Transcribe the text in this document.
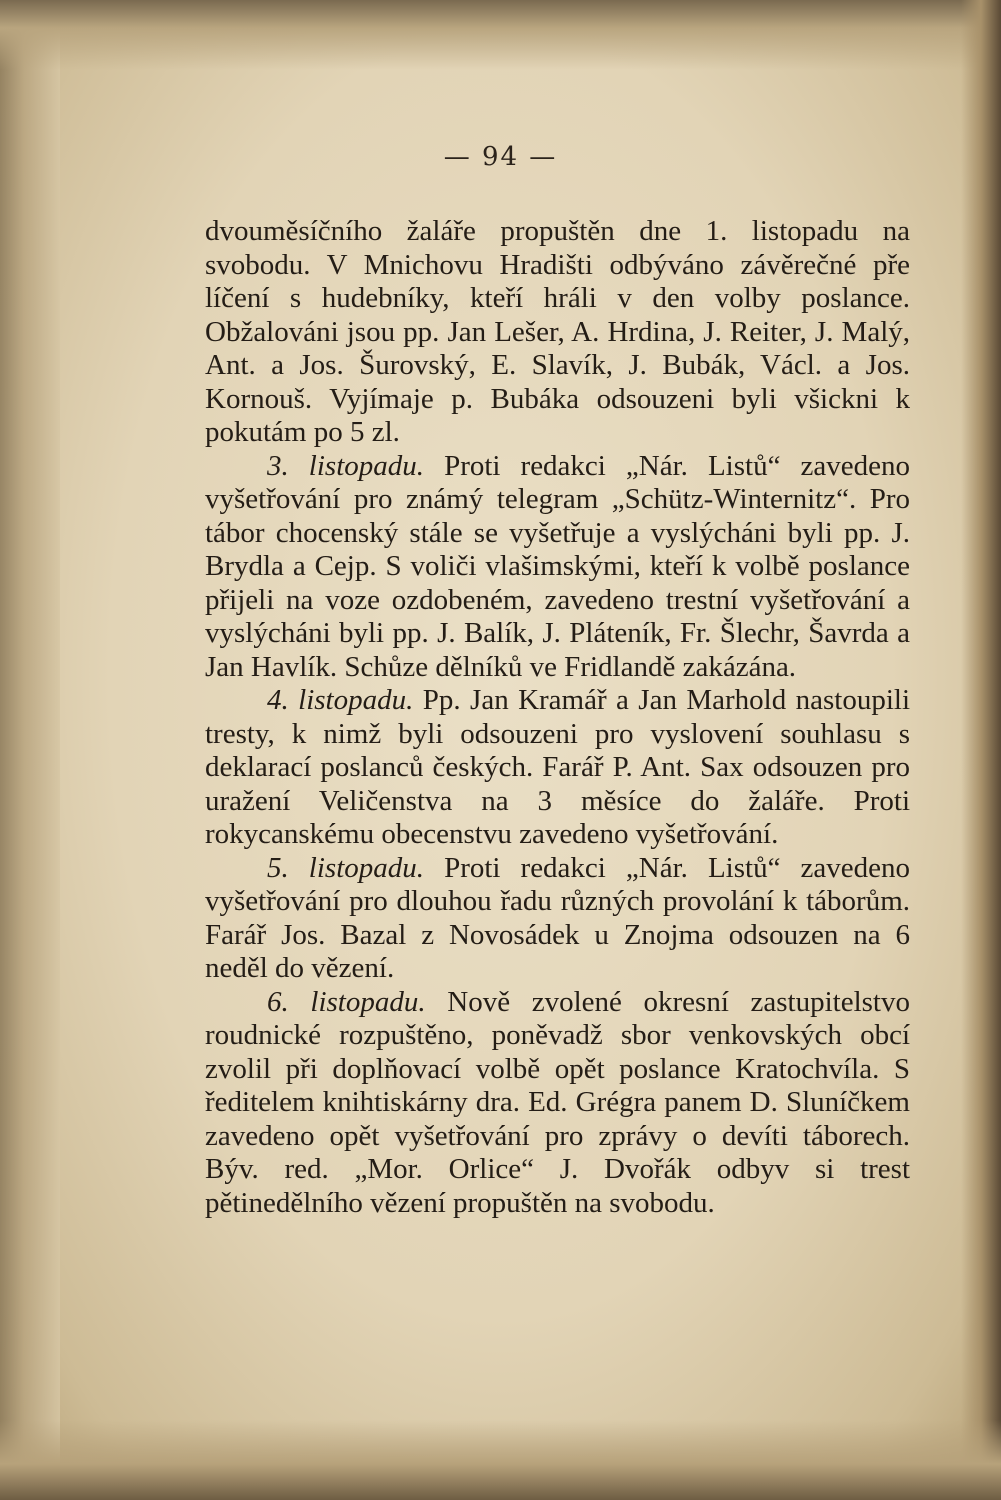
— 94 —

dvouměsíčního žaláře propuštěn dne 1. listopadu na svobodu. V Mnichovu Hradišti odbýváno závěrečné pře líčení s hudebníky, kteří hráli v den volby poslance. Obžalováni jsou pp. Jan Lešer, A. Hrdina, J. Reiter, J. Malý, Ant. a Jos. Šurovský, E. Slavík, J. Bubák, Václ. a Jos. Kornouš. Vyjímaje p. Bubáka odsouzeni byli všickni k pokutám po 5 zl.

3. listopadu. Proti redakci „Nár. Listů“ zavedeno vyšetřování pro známý telegram „Schütz-Winternitz“. Pro tábor chocenský stále se vyšetřuje a vyslýcháni byli pp. J. Brydla a Cejp. S voliči vlašimskými, kteří k volbě poslance přijeli na voze ozdobeném, zavedeno trestní vyšetřování a vyslýcháni byli pp. J. Balík, J. Pláteník, Fr. Šlechr, Šavrda a Jan Havlík. Schůze dělníků ve Fridlandě zakázána.

4. listopadu. Pp. Jan Kramář a Jan Marhold nastoupili tresty, k nimž byli odsouzeni pro vyslovení souhlasu s deklarací poslanců českých. Farář P. Ant. Sax odsouzen pro uražení Veličenstva na 3 měsíce do žaláře. Proti rokycanskému obecenstvu zavedeno vyšetřování.

5. listopadu. Proti redakci „Nár. Listů“ zavedeno vyšetřování pro dlouhou řadu různých provolání k táborům. Farář Jos. Bazal z Novosádek u Znojma odsouzen na 6 neděl do vězení.

6. listopadu. Nově zvolené okresní zastupitelstvo roudnické rozpuštěno, poněvadž sbor venkovských obcí zvolil při doplňovací volbě opět poslance Kratochvíla. S ředitelem knihtiskárny dra. Ed. Grégra panem D. Sluníčkem zavedeno opět vyšetřování pro zprávy o devíti táborech. Býv. red. „Mor. Orlice“ J. Dvořák odbyv si trest pětinedělního vězení propuštěn na svobodu.
